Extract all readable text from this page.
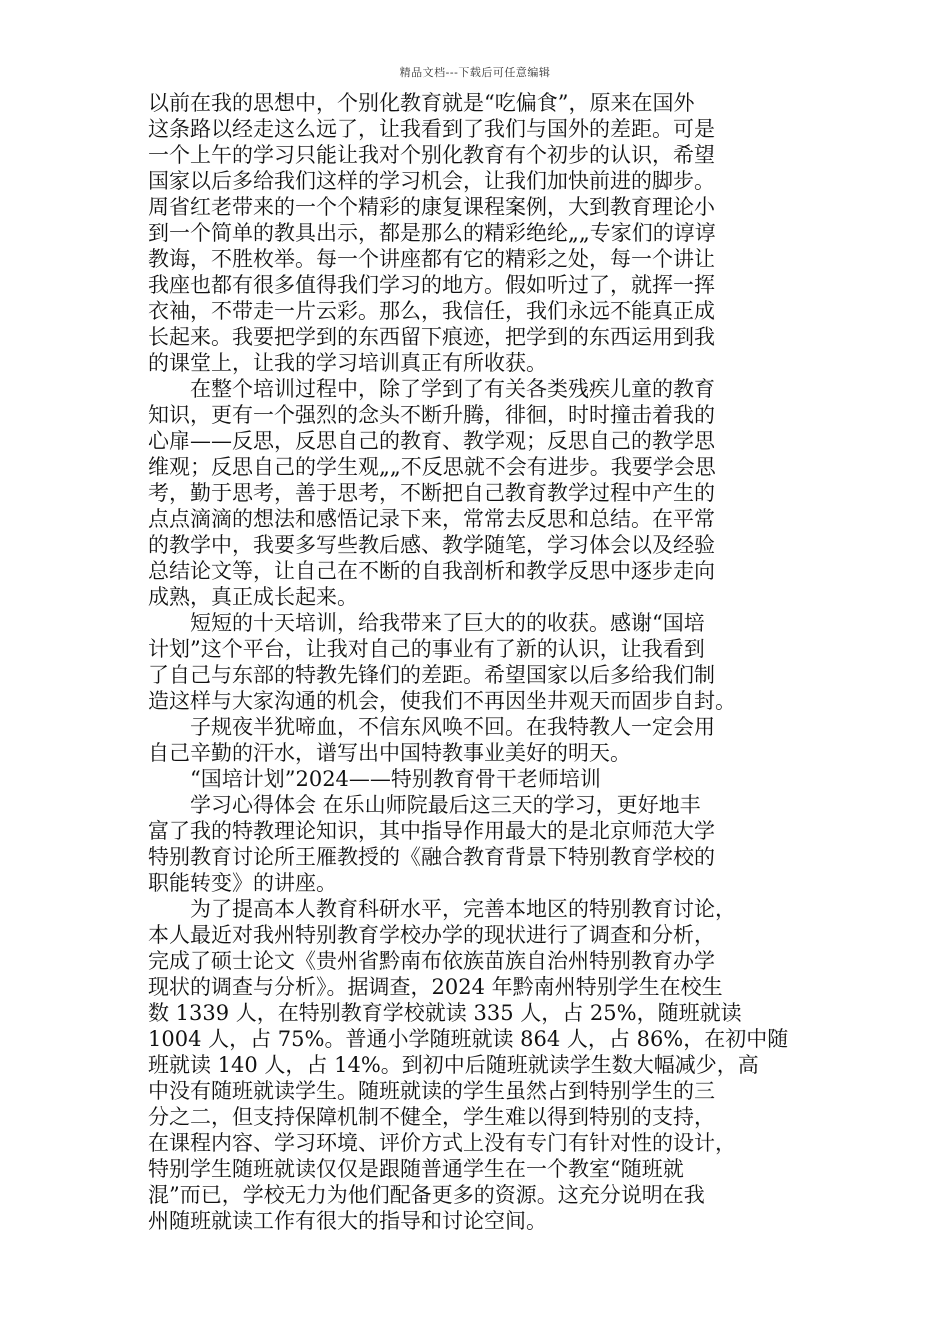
精品文档---下载后可任意编辑
以前在我的思想中，个别化教育就是“吃偏食”，原来在国外
这条路以经走这么远了，让我看到了我们与国外的差距。可是
一个上午的学习只能让我对个别化教育有个初步的认识，希望
国家以后多给我们这样的学习机会，让我们加快前进的脚步。
周省红老带来的一个个精彩的康复课程案例，大到教育理论小
到一个简单的教具出示，都是那么的精彩绝纶„„专家们的谆谆
教诲，不胜枚举。每一个讲座都有它的精彩之处，每一个讲让
我座也都有很多值得我们学习的地方。假如听过了，就挥一挥
衣袖，不带走一片云彩。那么，我信任，我们永远不能真正成
长起来。我要把学到的东西留下痕迹，把学到的东西运用到我
的课堂上，让我的学习培训真正有所收获。
　　在整个培训过程中，除了学到了有关各类残疾儿童的教育
知识，更有一个强烈的念头不断升腾，徘徊，时时撞击着我的
心扉——反思，反思自己的教育、教学观；反思自己的教学思
维观；反思自己的学生观„„不反思就不会有进步。我要学会思
考，勤于思考，善于思考，不断把自己教育教学过程中产生的
点点滴滴的想法和感悟记录下来，常常去反思和总结。在平常
的教学中，我要多写些教后感、教学随笔，学习体会以及经验
总结论文等，让自己在不断的自我剖析和教学反思中逐步走向
成熟，真正成长起来。
　　短短的十天培训，给我带来了巨大的的收获。感谢“国培
计划”这个平台，让我对自己的事业有了新的认识，让我看到
了自己与东部的特教先锋们的差距。希望国家以后多给我们制
造这样与大家沟通的机会，使我们不再因坐井观天而固步自封。
　　子规夜半犹啼血，不信东风唤不回。在我特教人一定会用
自己辛勤的汗水，谱写出中国特教事业美好的明天。
　　“国培计划”2024——特别教育骨干老师培训
　　学习心得体会 在乐山师院最后这三天的学习，更好地丰
富了我的特教理论知识，其中指导作用最大的是北京师范大学
特别教育讨论所王雁教授的《融合教育背景下特别教育学校的
职能转变》的讲座。
　　为了提高本人教育科研水平，完善本地区的特别教育讨论，
本人最近对我州特别教育学校办学的现状进行了调查和分析，
完成了硕士论文《贵州省黔南布依族苗族自治州特别教育办学
现状的调查与分析》。据调查，2024 年黔南州特别学生在校生
数 1339 人，在特别教育学校就读 335 人，占 25%，随班就读
1004 人，占 75%。普通小学随班就读 864 人，占 86%，在初中随
班就读 140 人，占 14%。到初中后随班就读学生数大幅减少，高
中没有随班就读学生。随班就读的学生虽然占到特别学生的三
分之二，但支持保障机制不健全，学生难以得到特别的支持，
在课程内容、学习环境、评价方式上没有专门有针对性的设计，
特别学生随班就读仅仅是跟随普通学生在一个教室“随班就
混”而已，学校无力为他们配备更多的资源。这充分说明在我
州随班就读工作有很大的指导和讨论空间。
